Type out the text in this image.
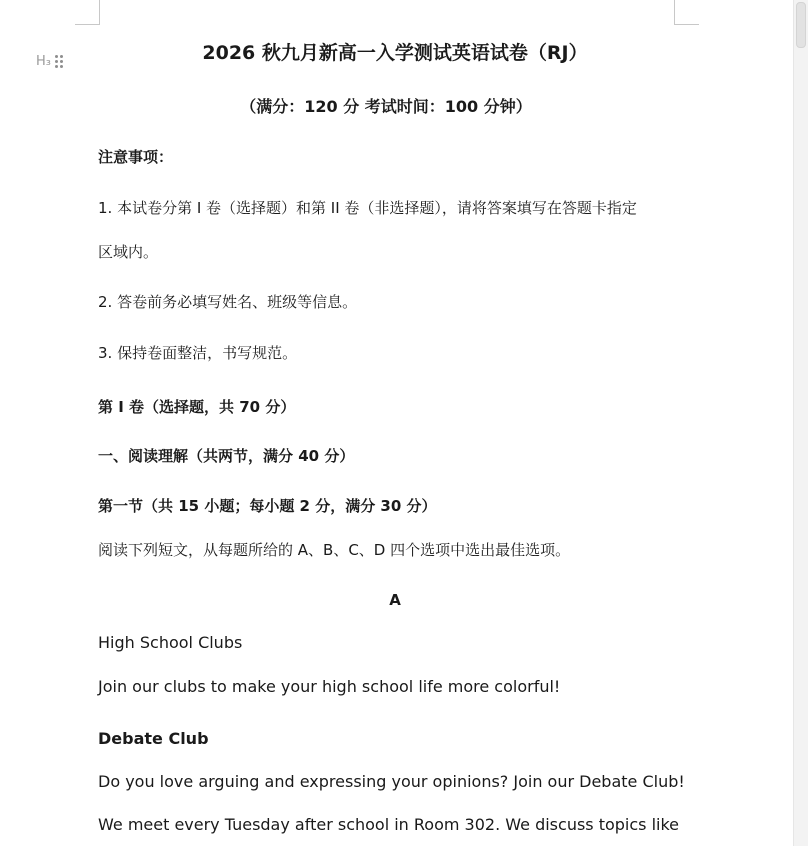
H₃	2026 秋九月新高一入学测试英语试卷（RJ）
（满分：120 分 考试时间：100 分钟）
注意事项：
1. 本试卷分第 I 卷（选择题）和第 II 卷（非选择题），请将答案填写在答题卡指定
区域内。
2. 答卷前务必填写姓名、班级等信息。
3. 保持卷面整洁，书写规范。
第 I 卷（选择题，共 70 分）
一、阅读理解（共两节，满分 40 分）
第一节（共 15 小题；每小题 2 分，满分 30 分）
阅读下列短文，从每题所给的 A、B、C、D 四个选项中选出最佳选项。
A
High School Clubs
Join our clubs to make your high school life more colorful!
Debate Club
Do you love arguing and expressing your opinions? Join our Debate Club!
We meet every Tuesday after school in Room 302. We discuss topics like
